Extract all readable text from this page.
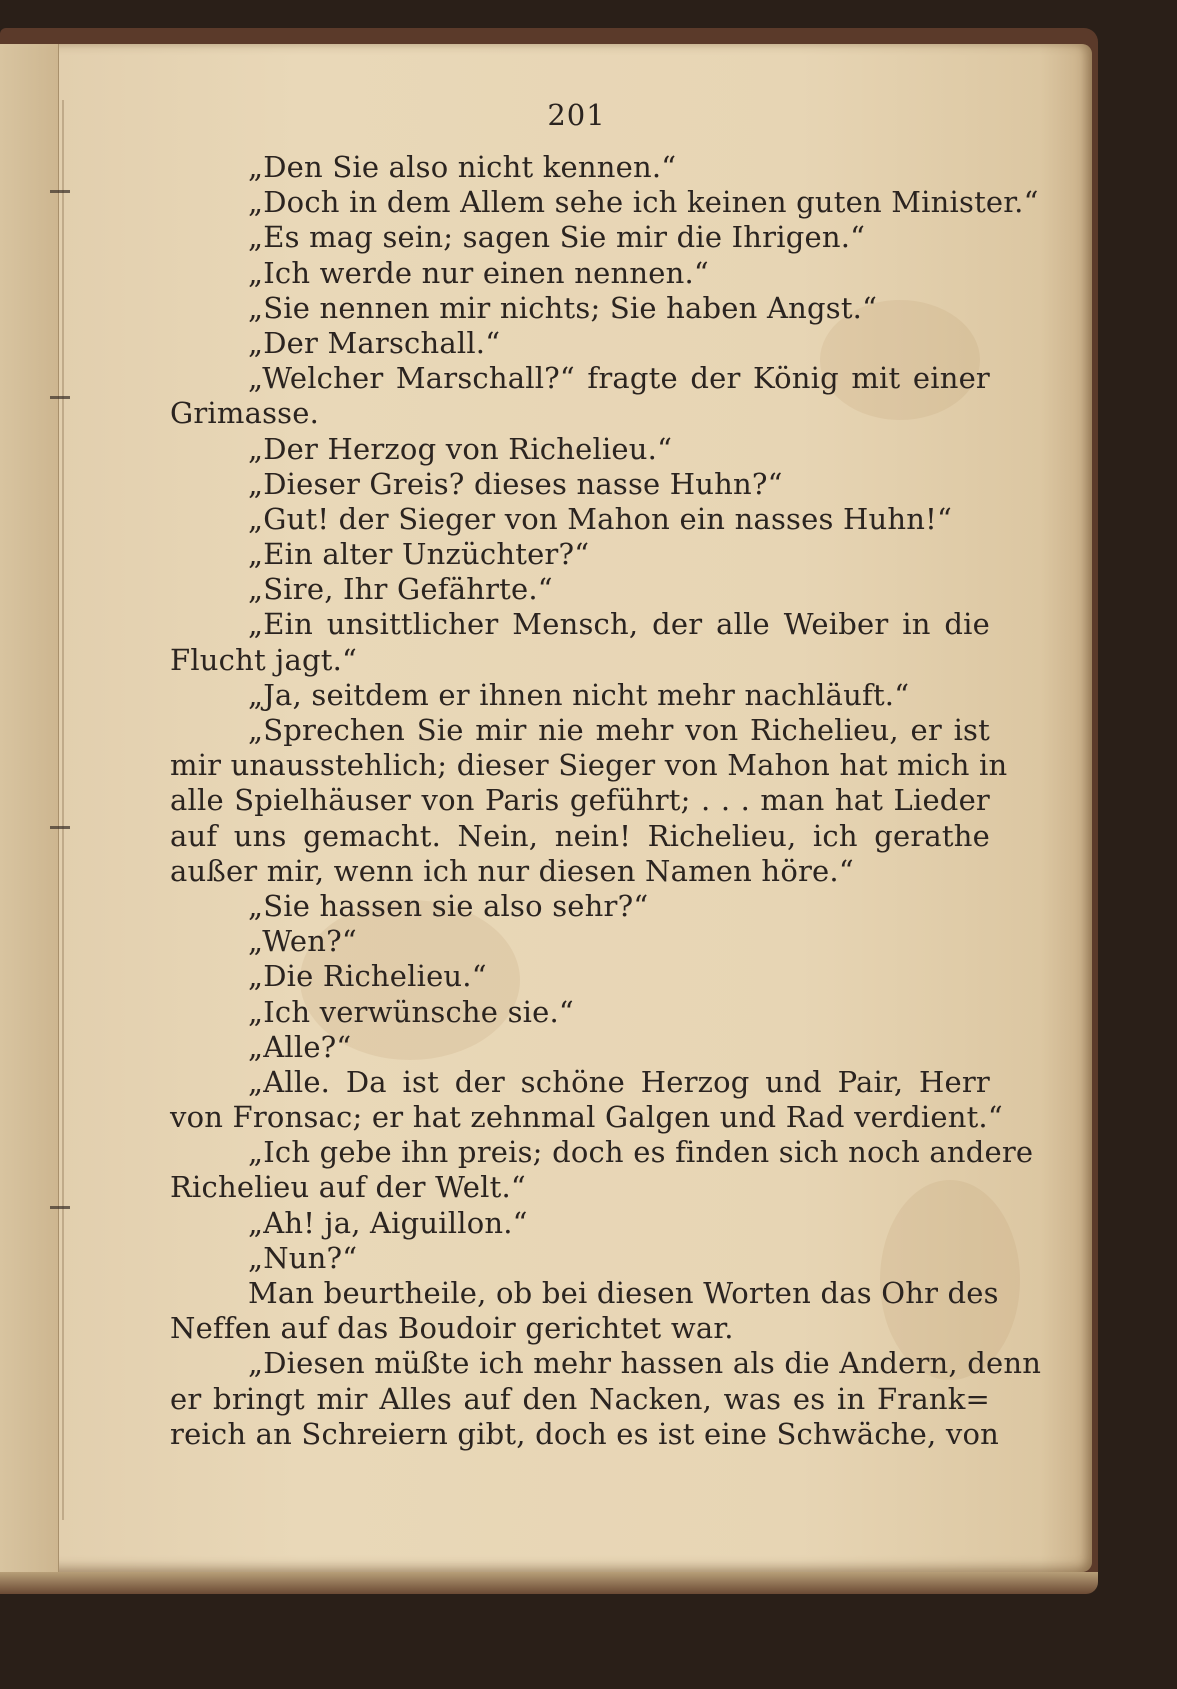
201
„Den Sie also nicht kennen.“
„Doch in dem Allem sehe ich keinen guten Minister.“
„Es mag sein; sagen Sie mir die Ihrigen.“
„Ich werde nur einen nennen.“
„Sie nennen mir nichts; Sie haben Angst.“
„Der Marschall.“
„Welcher Marschall?“ fragte der König mit einer
Grimasse.
„Der Herzog von Richelieu.“
„Dieser Greis? dieses nasse Huhn?“
„Gut! der Sieger von Mahon ein nasses Huhn!“
„Ein alter Unzüchter?“
„Sire, Ihr Gefährte.“
„Ein unsittlicher Mensch, der alle Weiber in die
Flucht jagt.“
„Ja, seitdem er ihnen nicht mehr nachläuft.“
„Sprechen Sie mir nie mehr von Richelieu, er ist
mir unausstehlich; dieser Sieger von Mahon hat mich in
alle Spielhäuser von Paris geführt; . . . man hat Lieder
auf uns gemacht. Nein, nein! Richelieu, ich gerathe
außer mir, wenn ich nur diesen Namen höre.“
„Sie hassen sie also sehr?“
„Wen?“
„Die Richelieu.“
„Ich verwünsche sie.“
„Alle?“
„Alle. Da ist der schöne Herzog und Pair, Herr
von Fronsac; er hat zehnmal Galgen und Rad verdient.“
„Ich gebe ihn preis; doch es finden sich noch andere
Richelieu auf der Welt.“
„Ah! ja, Aiguillon.“
„Nun?“
Man beurtheile, ob bei diesen Worten das Ohr des
Neffen auf das Boudoir gerichtet war.
„Diesen müßte ich mehr hassen als die Andern, denn
er bringt mir Alles auf den Nacken, was es in Frank=
reich an Schreiern gibt, doch es ist eine Schwäche, von
